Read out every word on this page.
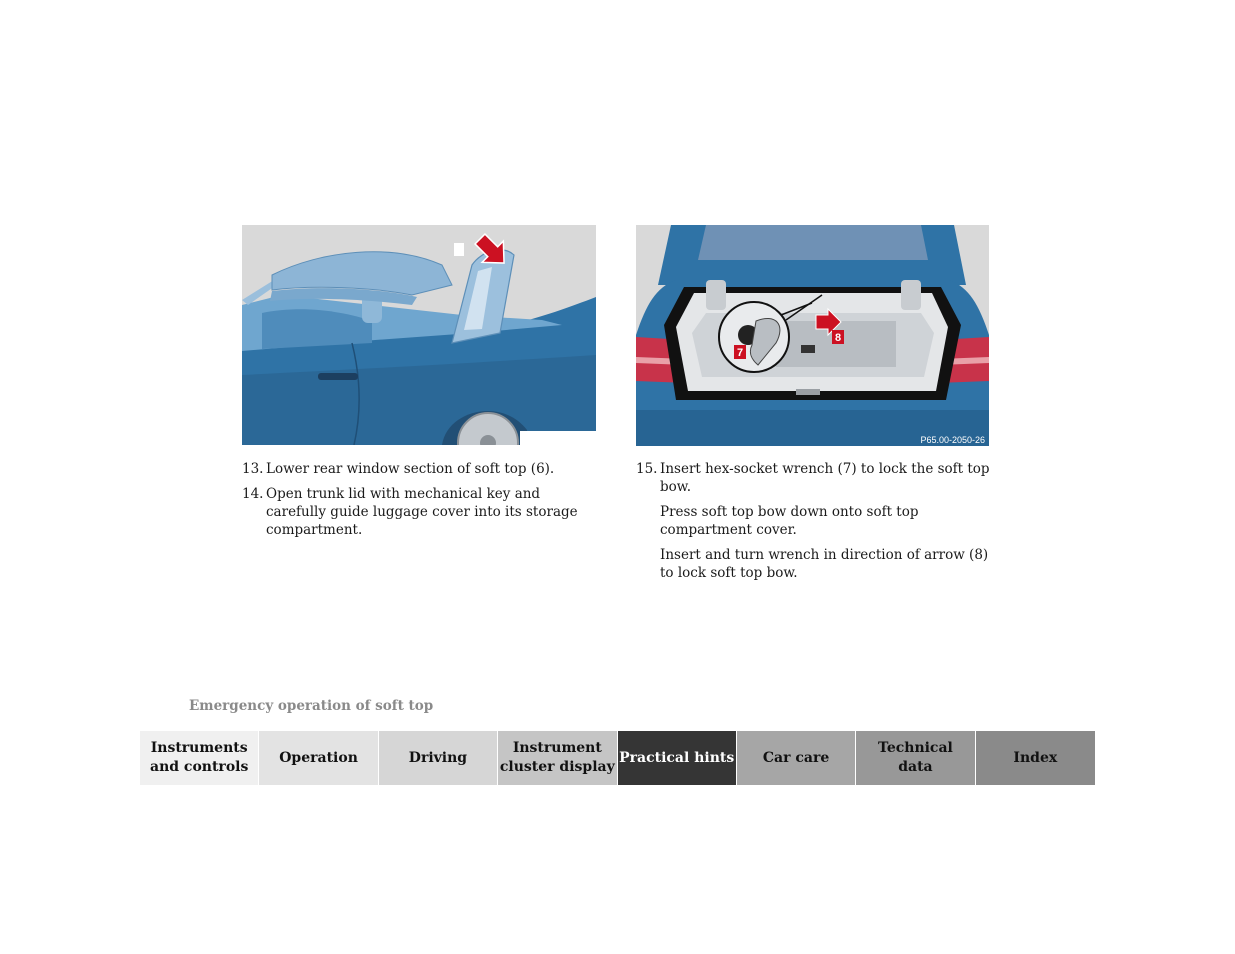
7
8
P65.00-2050-26
13. Lower rear window section of soft top (6).
14. Open trunk lid with mechanical key and carefully guide luggage cover into its storage compartment.
15. Insert hex-socket wrench (7) to lock the soft top bow.
Press soft top bow down onto soft top compartment cover.
Insert and turn wrench in direction of arrow (8) to lock soft top bow.
Emergency operation of soft top
Instruments
and controls
Operation	Driving
Instrument
cluster display
Practical hints Car care
Technical
data
Index
